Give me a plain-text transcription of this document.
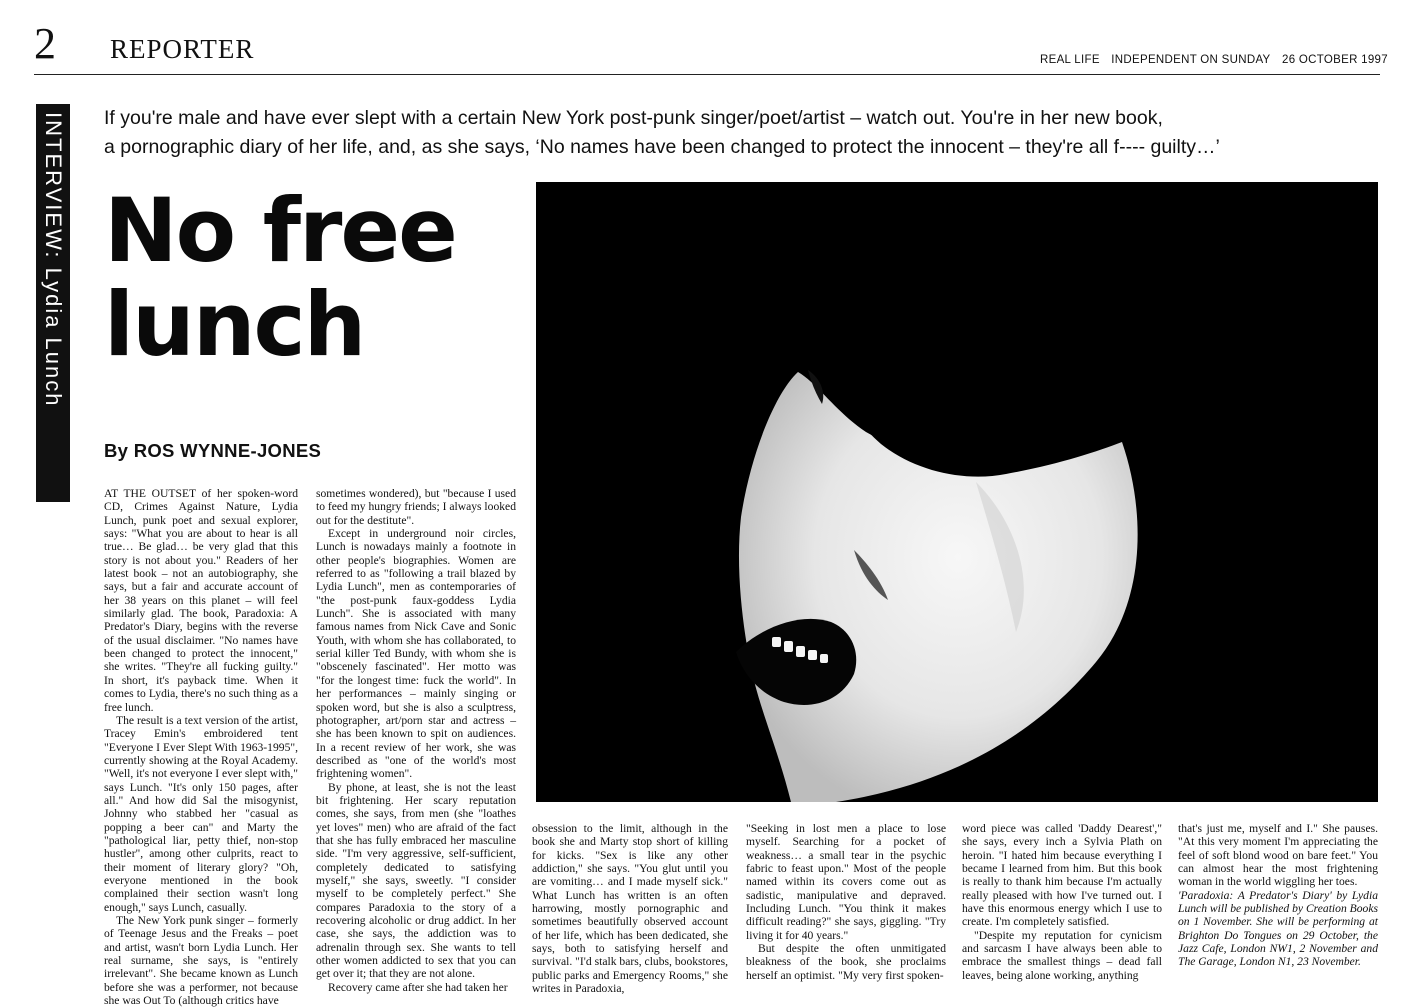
2 REPORTER	REAL LIFE INDEPENDENT ON SUNDAY 26 OCTOBER 1997
INTERVIEW: Lydia Lunch
If you're male and have ever slept with a certain New York post-punk singer/poet/artist – watch out. You're in her new book,
a pornographic diary of her life, and, as she says, ‘No names have been changed to protect the innocent – they're all f---- guilty…’
No free
lunch
By ROS WYNNE-JONES

AT THE OUTSET of her spoken-word CD, Crimes Against Nature, Lydia Lunch, punk poet and sexual explorer, says: "What you are about to hear is all true… Be glad… be very glad that this story is not about you." Readers of her latest book – not an autobiography, she says, but a fair and accurate account of her 38 years on this planet – will feel similarly glad. The book, Paradoxia: A Predator's Diary, begins with the reverse of the usual disclaimer. "No names have been changed to protect the innocent," she writes. "They're all fucking guilty." In short, it's payback time. When it comes to Lydia, there's no such thing as a free lunch.

The result is a text version of the artist, Tracey Emin's embroidered tent "Everyone I Ever Slept With 1963-1995", currently showing at the Royal Academy. "Well, it's not everyone I ever slept with," says Lunch. "It's only 150 pages, after all." And how did Sal the misogynist, Johnny who stabbed her "casual as popping a beer can" and Marty the "pathological liar, petty thief, non-stop hustler", among other culprits, react to their moment of literary glory? "Oh, everyone mentioned in the book complained their section wasn't long enough," says Lunch, casually.

The New York punk singer – formerly of Teenage Jesus and the Freaks – poet and artist, wasn't born Lydia Lunch. Her real surname, she says, is "entirely irrelevant". She became known as Lunch before she was a performer, not because she was Out To (although critics have

sometimes wondered), but "because I used to feed my hungry friends; I always looked out for the destitute".

Except in underground noir circles, Lunch is nowadays mainly a footnote in other people's biographies. Women are referred to as "following a trail blazed by Lydia Lunch", men as contemporaries of "the post-punk faux-goddess Lydia Lunch". She is associated with many famous names from Nick Cave and Sonic Youth, with whom she has collaborated, to serial killer Ted Bundy, with whom she is "obscenely fascinated". Her motto was "for the longest time: fuck the world". In her performances – mainly singing or spoken word, but she is also a sculptress, photographer, art/porn star and actress – she has been known to spit on audiences. In a recent review of her work, she was described as "one of the world's most frightening women".

By phone, at least, she is not the least bit frightening. Her scary reputation comes, she says, from men (she "loathes yet loves" men) who are afraid of the fact that she has fully embraced her masculine side. "I'm very aggressive, self-sufficient, completely dedicated to satisfying myself," she says, sweetly. "I consider myself to be completely perfect." She compares Paradoxia to the story of a recovering alcoholic or drug addict. In her case, she says, the addiction was to adrenalin through sex. She wants to tell other women addicted to sex that you can get over it; that they are not alone.

Recovery came after she had taken her

obsession to the limit, although in the book she and Marty stop short of killing for kicks. "Sex is like any other addiction," she says. "You glut until you are vomiting… and I made myself sick." What Lunch has written is an often harrowing, mostly pornographic and sometimes beautifully observed account of her life, which has been dedicated, she says, both to satisfying herself and survival. "I'd stalk bars, clubs, bookstores, public parks and Emergency Rooms," she writes in Paradoxia,

"Seeking in lost men a place to lose myself. Searching for a pocket of weakness… a small tear in the psychic fabric to feast upon." Most of the people named within its covers come out as sadistic, manipulative and depraved. Including Lunch. "You think it makes difficult reading?" she says, giggling. "Try living it for 40 years."

But despite the often unmitigated bleakness of the book, she proclaims herself an optimist. "My very first spoken-

word piece was called 'Daddy Dearest'," she says, every inch a Sylvia Plath on heroin. "I hated him because everything I became I learned from him. But this book is really to thank him because I'm actually really pleased with how I've turned out. I have this enormous energy which I use to create. I'm completely satisfied.

"Despite my reputation for cynicism and sarcasm I have always been able to embrace the smallest things – dead fall leaves, being alone working, anything

that's just me, myself and I." She pauses. "At this very moment I'm appreciating the feel of soft blond wood on bare feet." You can almost hear the most frightening woman in the world wiggling her toes.

'Paradoxia: A Predator's Diary' by Lydia Lunch will be published by Creation Books on 1 November. She will be performing at Brighton Do Tongues on 29 October, the Jazz Cafe, London NW1, 2 November and The Garage, London N1, 23 November.
